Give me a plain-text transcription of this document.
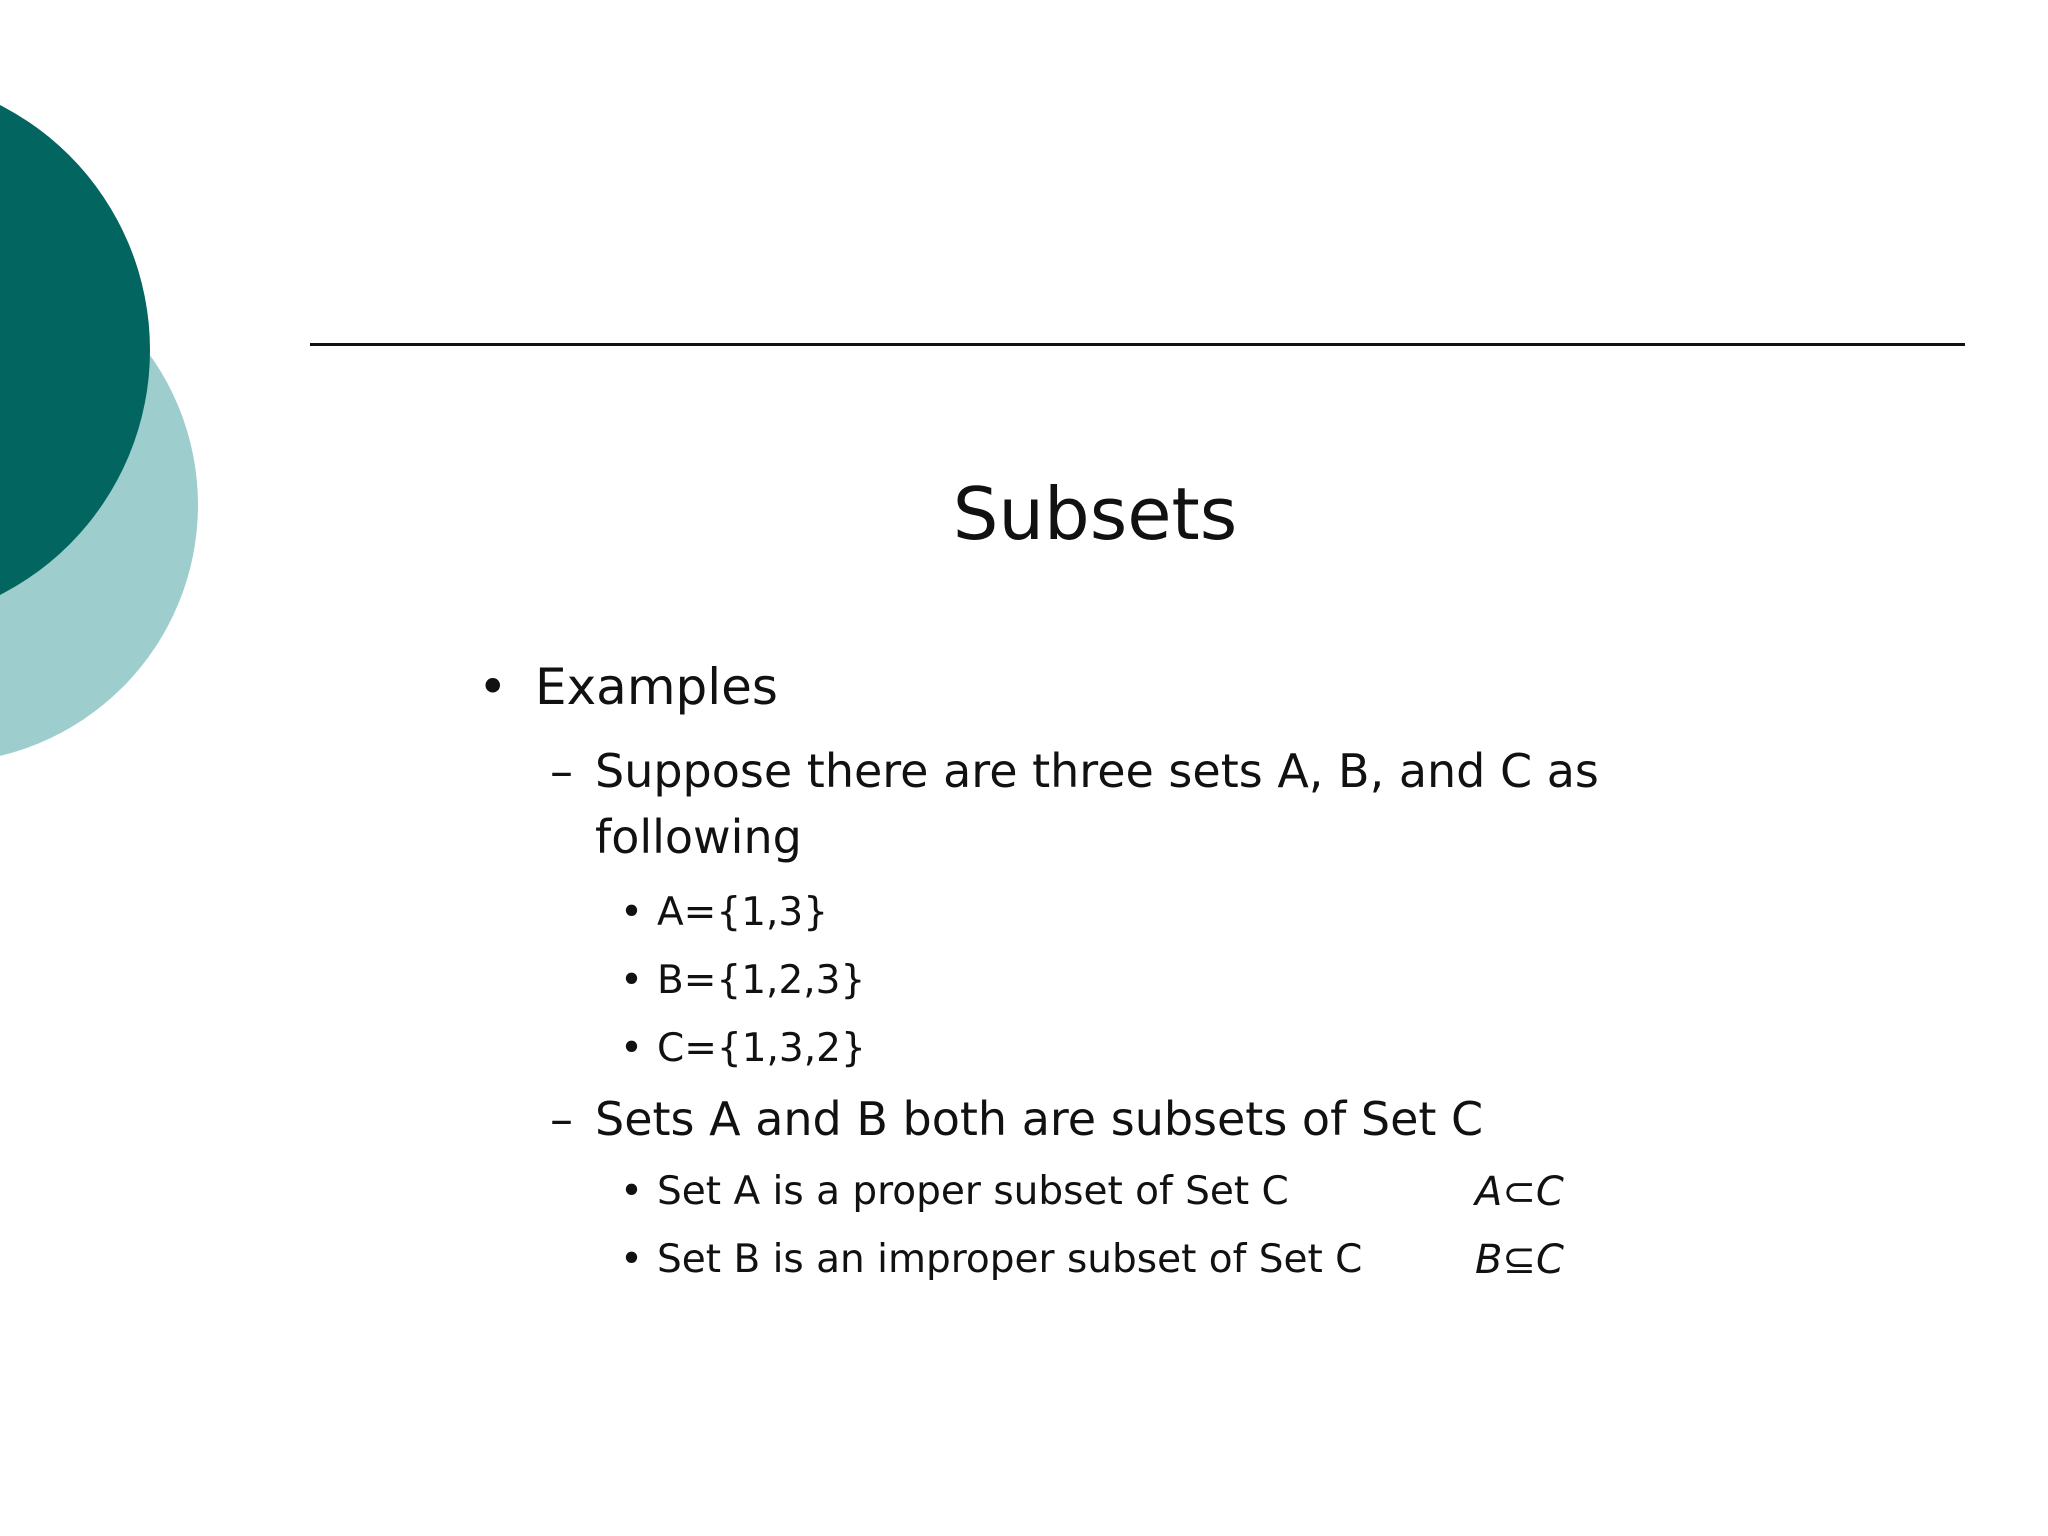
Subsets
• Examples
– Suppose there are three sets A, B, and C as
following
• A={1,3}
• B={1,2,3}
• C={1,3,2}
– Sets A and B both are subsets of Set C
• Set A is a proper subset of Set C	A⊂C
• Set B is an improper subset of Set C	B⊆C
